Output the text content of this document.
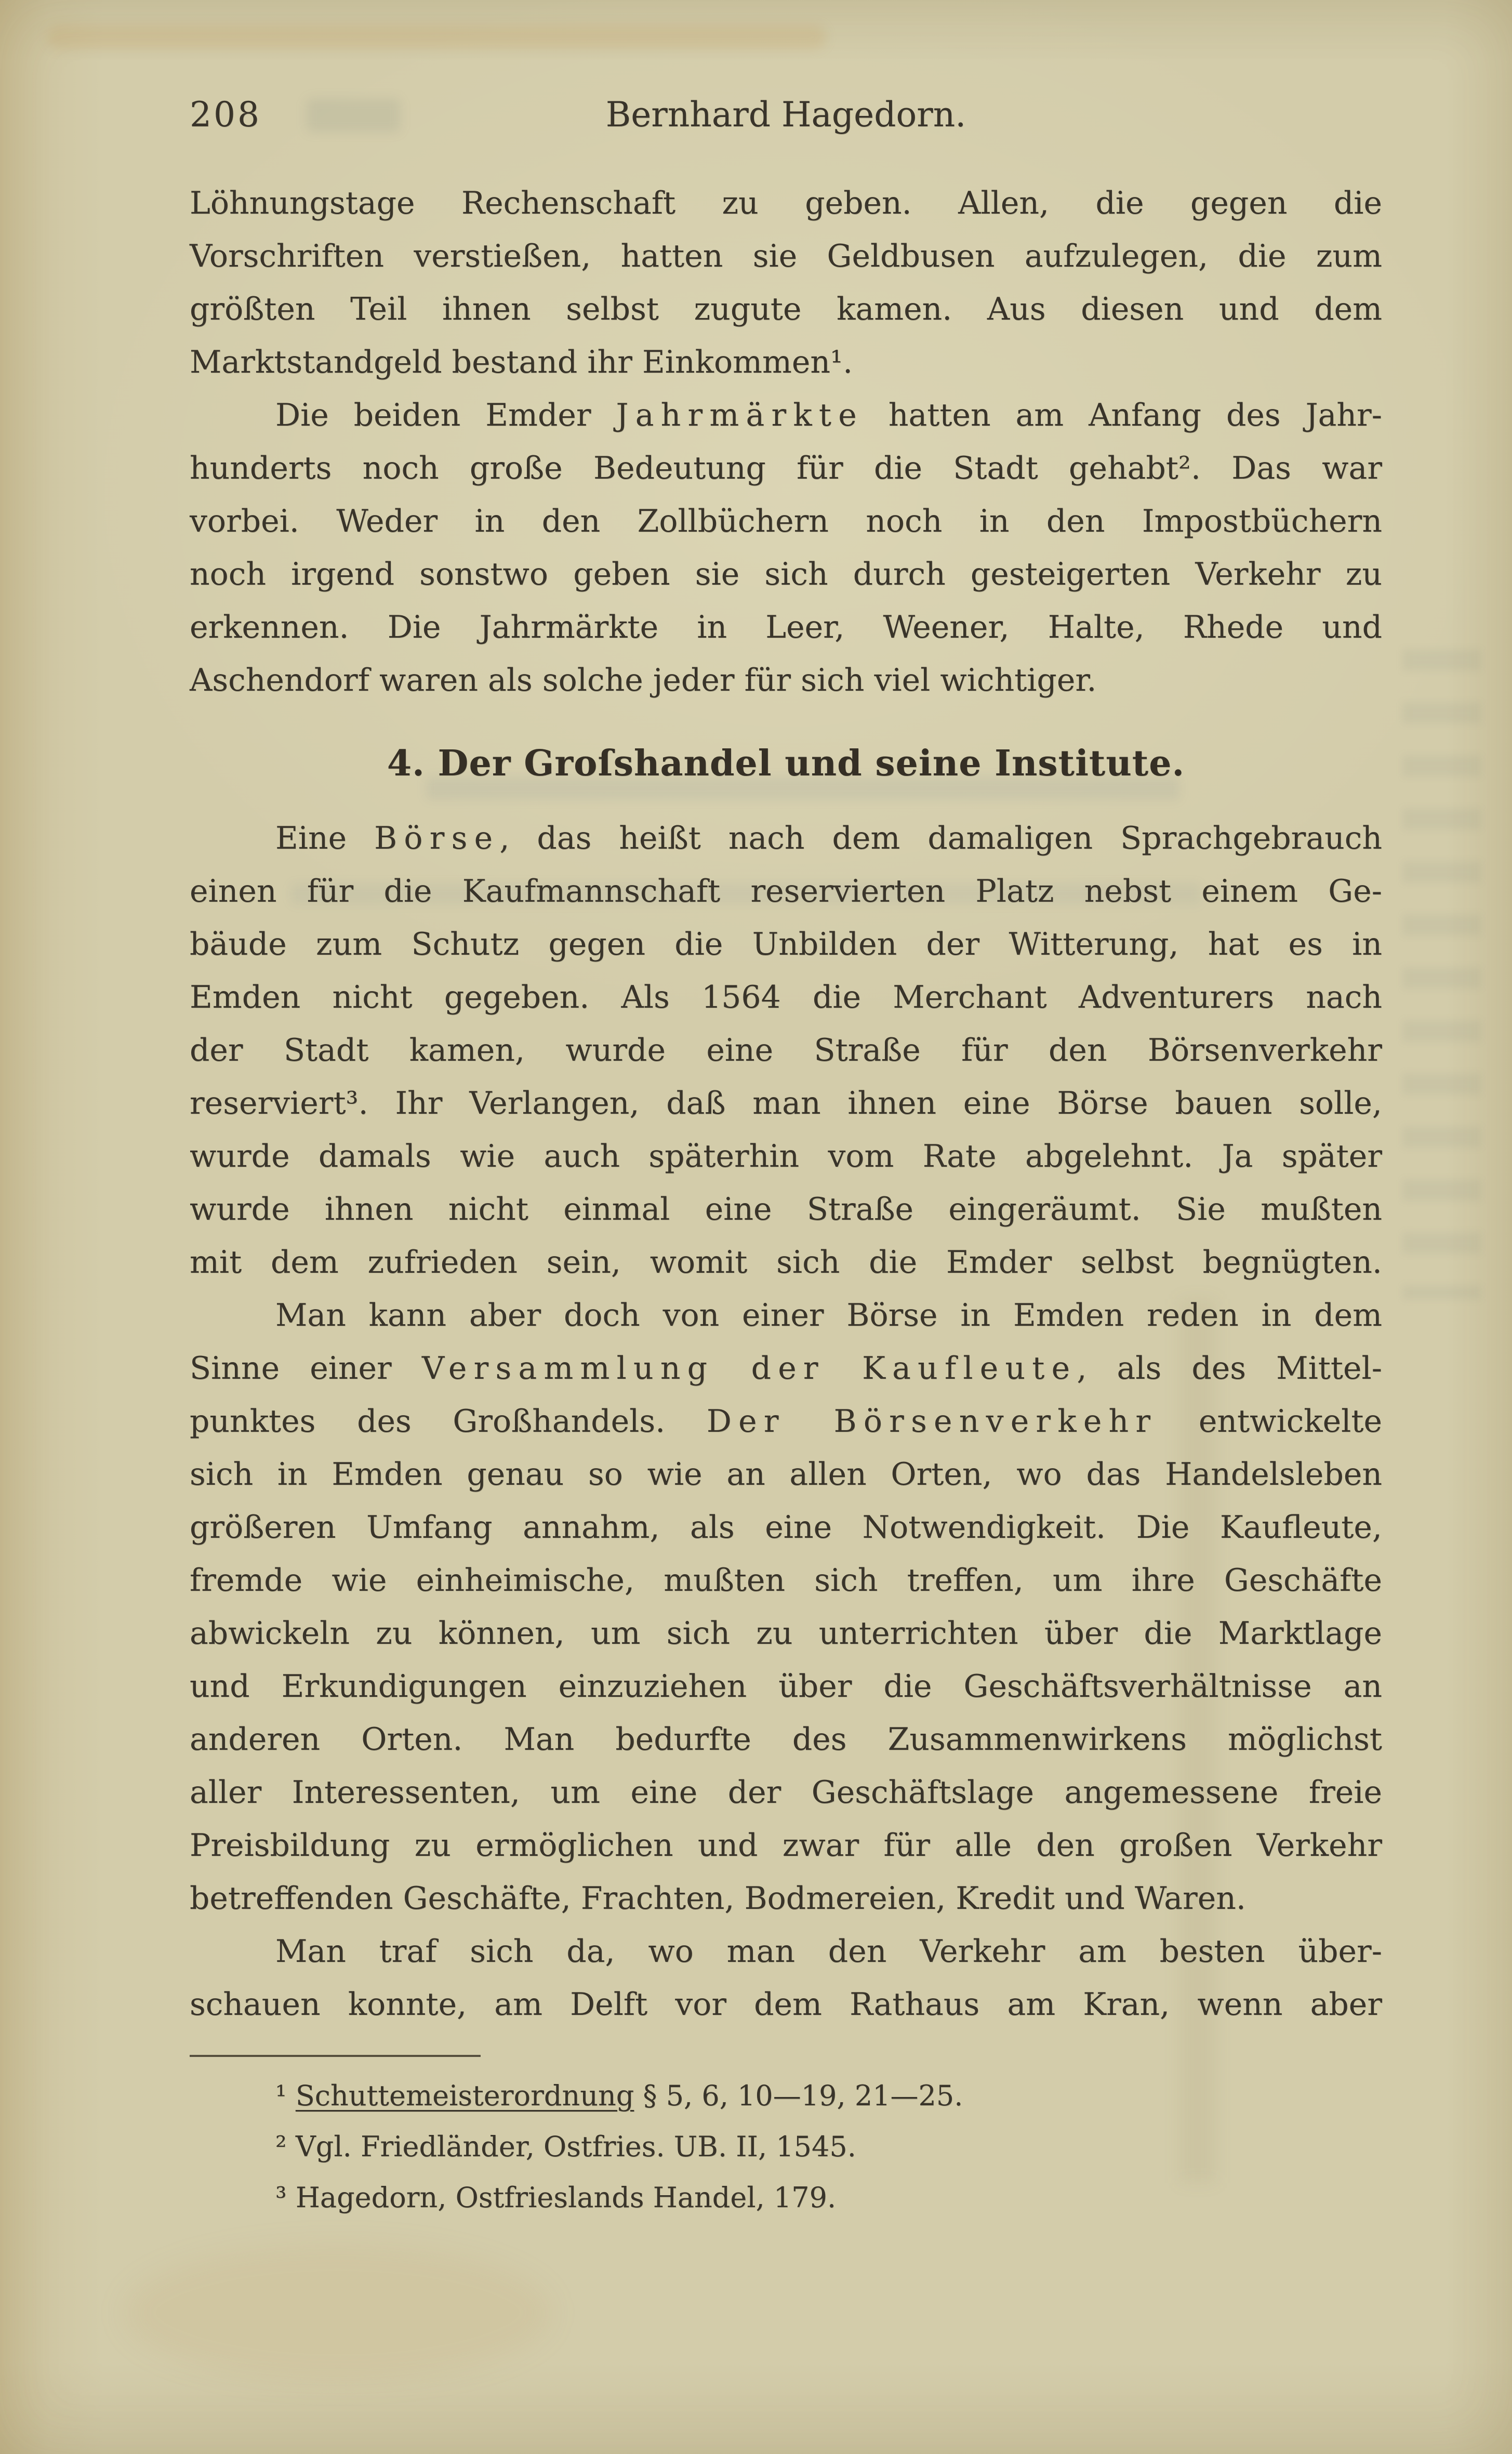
208	Bernhard Hagedorn.
Löhnungstage Rechenschaft zu geben. Allen, die gegen die
Vorschriften verstießen, hatten sie Geldbusen aufzulegen, die zum
größten Teil ihnen selbst zugute kamen. Aus diesen und dem
Marktstandgeld bestand ihr Einkommen¹.
Die beiden Emder Jahrmärkte hatten am Anfang des Jahr-
hunderts noch große Bedeutung für die Stadt gehabt². Das war
vorbei. Weder in den Zollbüchern noch in den Impostbüchern
noch irgend sonstwo geben sie sich durch gesteigerten Verkehr zu
erkennen. Die Jahrmärkte in Leer, Weener, Halte, Rhede und
Aschendorf waren als solche jeder für sich viel wichtiger.
4. Der Groſshandel und seine Institute.
Eine Börse, das heißt nach dem damaligen Sprachgebrauch
einen für die Kaufmannschaft reservierten Platz nebst einem Ge-
bäude zum Schutz gegen die Unbilden der Witterung, hat es in
Emden nicht gegeben. Als 1564 die Merchant Adventurers nach
der Stadt kamen, wurde eine Straße für den Börsenverkehr
reserviert³. Ihr Verlangen, daß man ihnen eine Börse bauen solle,
wurde damals wie auch späterhin vom Rate abgelehnt. Ja später
wurde ihnen nicht einmal eine Straße eingeräumt. Sie mußten
mit dem zufrieden sein, womit sich die Emder selbst begnügten.
Man kann aber doch von einer Börse in Emden reden in dem
Sinne einer Versammlung der Kaufleute, als des Mittel-
punktes des Großhandels. Der Börsenverkehr entwickelte
sich in Emden genau so wie an allen Orten, wo das Handelsleben
größeren Umfang annahm, als eine Notwendigkeit. Die Kaufleute,
fremde wie einheimische, mußten sich treffen, um ihre Geschäfte
abwickeln zu können, um sich zu unterrichten über die Marktlage
und Erkundigungen einzuziehen über die Geschäftsverhältnisse an
anderen Orten. Man bedurfte des Zusammenwirkens möglichst
aller Interessenten, um eine der Geschäftslage angemessene freie
Preisbildung zu ermöglichen und zwar für alle den großen Verkehr
betreffenden Geschäfte, Frachten, Bodmereien, Kredit und Waren.
Man traf sich da, wo man den Verkehr am besten über-
schauen konnte, am Delft vor dem Rathaus am Kran, wenn aber
¹ Schuttemeisterordnung § 5, 6, 10—19, 21—25.
² Vgl. Friedländer, Ostfries. UB. II, 1545.
³ Hagedorn, Ostfrieslands Handel, 179.
